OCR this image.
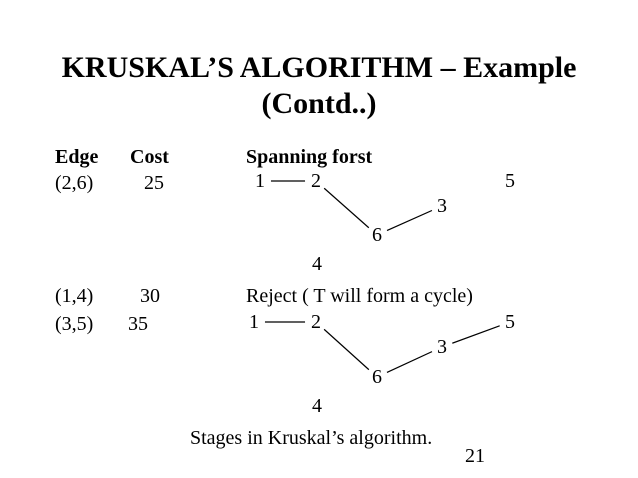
KRUSKAL’S ALGORITHM – Example
(Contd..)
Edge Cost	Spanning forst
(2,6)	25
(1,4) 30	Reject ( T will form a cycle)
(3,5) 35
1	2
3
4
5
6
1	2
3
4
5
6
Stages in Kruskal’s algorithm.
21
